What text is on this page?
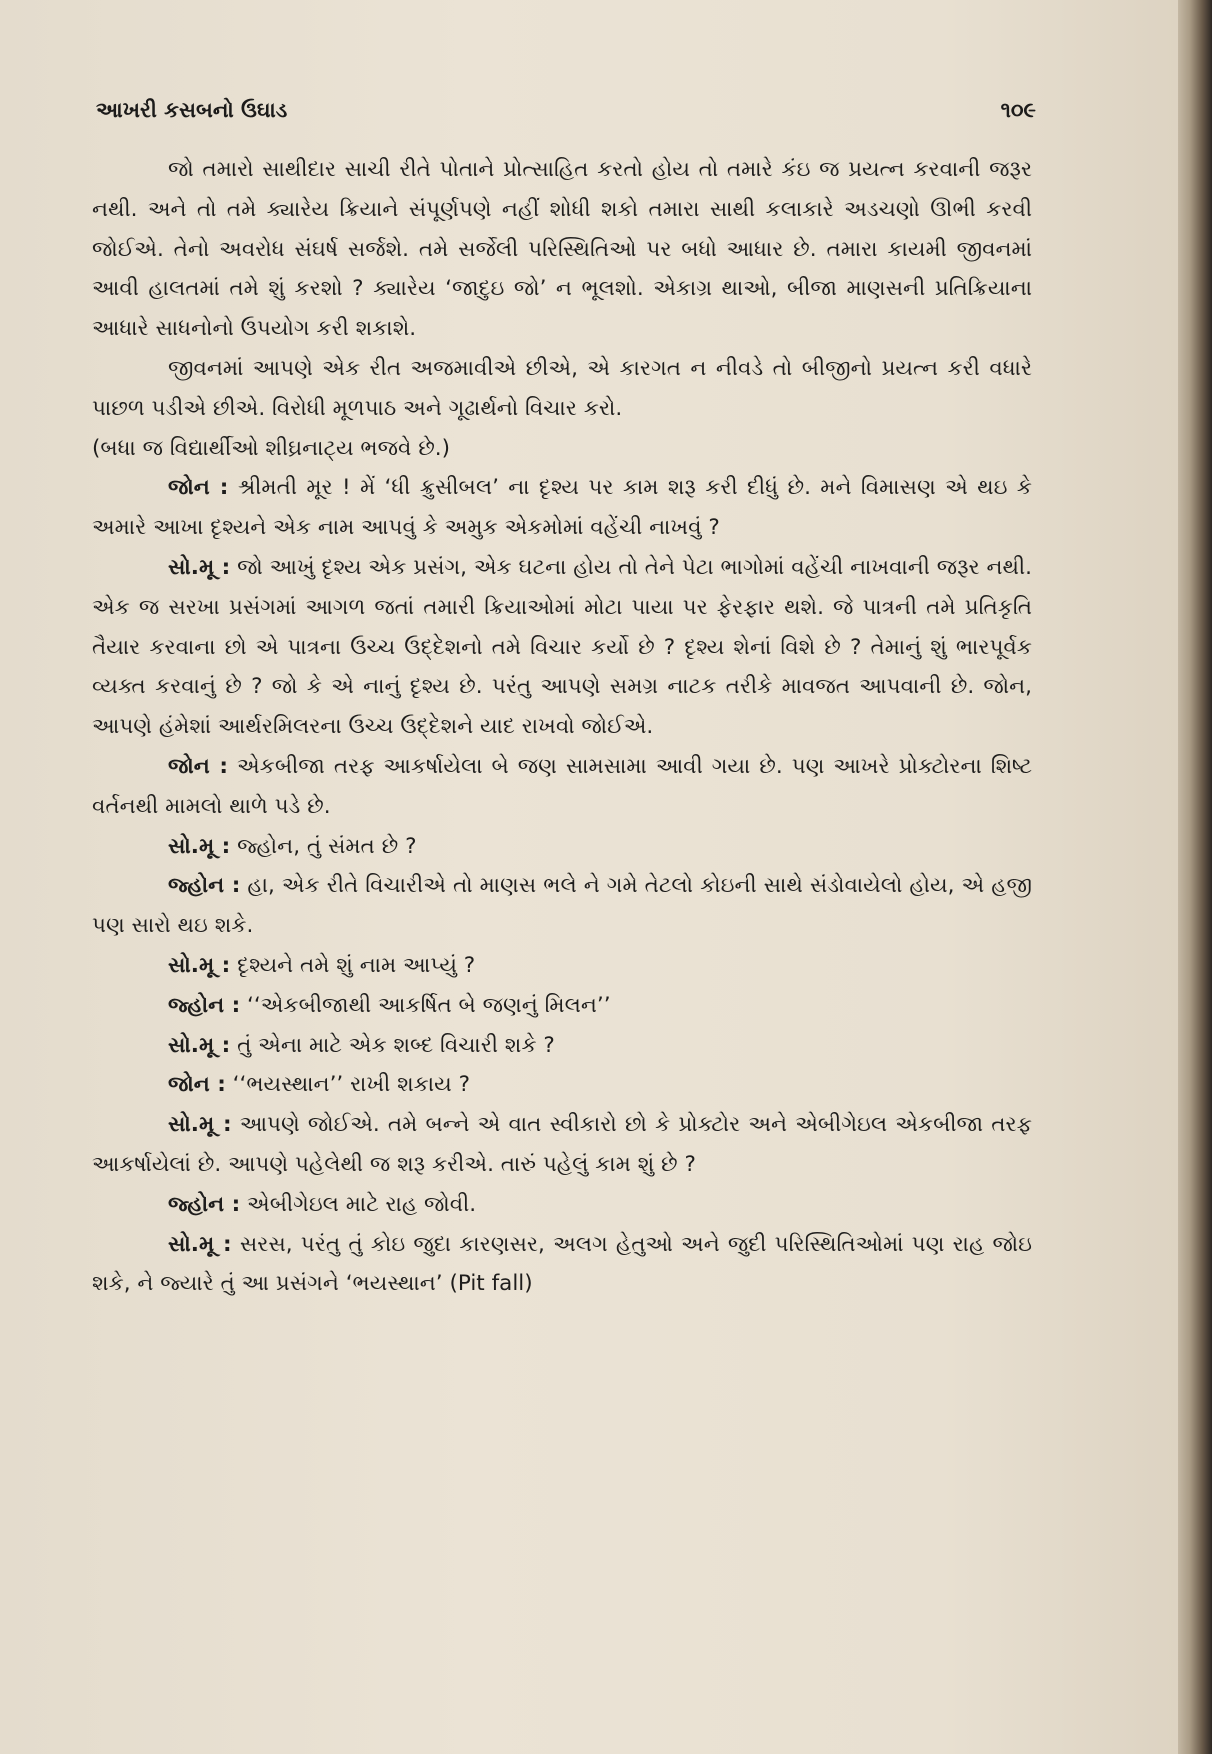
આખરી કસબનો ઉઘાડ	૧૦૯

જો તમારો સાથીદાર સાચી રીતે પોતાને પ્રોત્સાહિત કરતો હોય તો તમારે કંઇ જ પ્રયત્ન કરવાની જરૂર નથી. અને તો તમે ક્યારેય ક્રિયાને સંપૂર્ણપણે નહીં શોધી શકો તમારા સાથી કલાકારે અડચણો ઊભી કરવી જોઈએ. તેનો અવરોધ સંઘર્ષ સર્જશે. તમે સર્જેલી પરિસ્થિતિઓ પર બધો આધાર છે. તમારા કાયમી જીવનમાં આવી હાલતમાં તમે શું કરશો ? ક્યારેય ‘જાદુઇ જો’ ન ભૂલશો. એકાગ્ર થાઓ, બીજા માણસની પ્રતિક્રિયાના આધારે સાધનોનો ઉપયોગ કરી શકાશે.

જીવનમાં આપણે એક રીત અજમાવીએ છીએ, એ કારગત ન નીવડે તો બીજીનો પ્રયત્ન કરી વધારે પાછળ પડીએ છીએ. વિરોધી મૂળપાઠ અને ગૂઢાર્થનો વિચાર કરો.

(બધા જ વિદ્યાર્થીઓ શીઘ્રનાટ્ય ભજવે છે.)

જોન : શ્રીમતી મૂર ! મેં ‘ધી ક્રુસીબલ’ ના દૃશ્ય પર કામ શરૂ કરી દીધું છે. મને વિમાસણ એ થઇ કે અમારે આખા દૃશ્યને એક નામ આપવું કે અમુક એકમોમાં વહેંચી નાખવું ?

સો.મૂ : જો આખું દૃશ્ય એક પ્રસંગ, એક ઘટના હોય તો તેને પેટા ભાગોમાં વહેંચી નાખવાની જરૂર નથી. એક જ સરખા પ્રસંગમાં આગળ જતાં તમારી ક્રિયાઓમાં મોટા પાયા પર ફેરફાર થશે. જે પાત્રની તમે પ્રતિકૃતિ તૈયાર કરવાના છો એ પાત્રના ઉચ્ચ ઉદ્દેશનો તમે વિચાર કર્યો છે ? દૃશ્ય શેનાં વિશે છે ? તેમાનું શું ભારપૂર્વક વ્યક્ત કરવાનું છે ? જો કે એ નાનું દૃશ્ય છે. પરંતુ આપણે સમગ્ર નાટક તરીકે માવજત આપવાની છે. જોન, આપણે હંમેશાં આર્થરમિલરના ઉચ્ચ ઉદ્દેશને યાદ રાખવો જોઈએ.

જોન : એકબીજા તરફ આકર્ષાયેલા બે જણ સામસામા આવી ગયા છે. પણ આખરે પ્રોક્ટોરના શિષ્ટ વર્તનથી મામલો થાળે પડે છે.

સો.મૂ : જ્હોન, તું સંમત છે ?

જ્હોન : હા, એક રીતે વિચારીએ તો માણસ ભલે ને ગમે તેટલો કોઇની સાથે સંડોવાયેલો હોય, એ હજી પણ સારો થઇ શકે.

સો.મૂ : દૃશ્યને તમે શું નામ આપ્યું ?

જ્હોન : ‘‘એકબીજાથી આકર્ષિત બે જણનું મિલન’’

સો.મૂ : તું એના માટે એક શબ્દ વિચારી શકે ?

જોન : ‘‘ભયસ્થાન’’ રાખી શકાય ?

સો.મૂ : આપણે જોઈએ. તમે બન્ને એ વાત સ્વીકારો છો કે પ્રોક્ટોર અને એબીગેઇલ એકબીજા તરફ આકર્ષાયેલાં છે. આપણે પહેલેથી જ શરૂ કરીએ. તારું પહેલું કામ શું છે ?

જ્હોન : એબીગેઇલ માટે રાહ જોવી.

સો.મૂ : સરસ, પરંતુ તું કોઇ જુદા કારણસર, અલગ હેતુઓ અને જુદી પરિસ્થિતિઓમાં પણ રાહ જોઇ શકે, ને જ્યારે તું આ પ્રસંગને ‘ભયસ્થાન’ (Pit fall)
